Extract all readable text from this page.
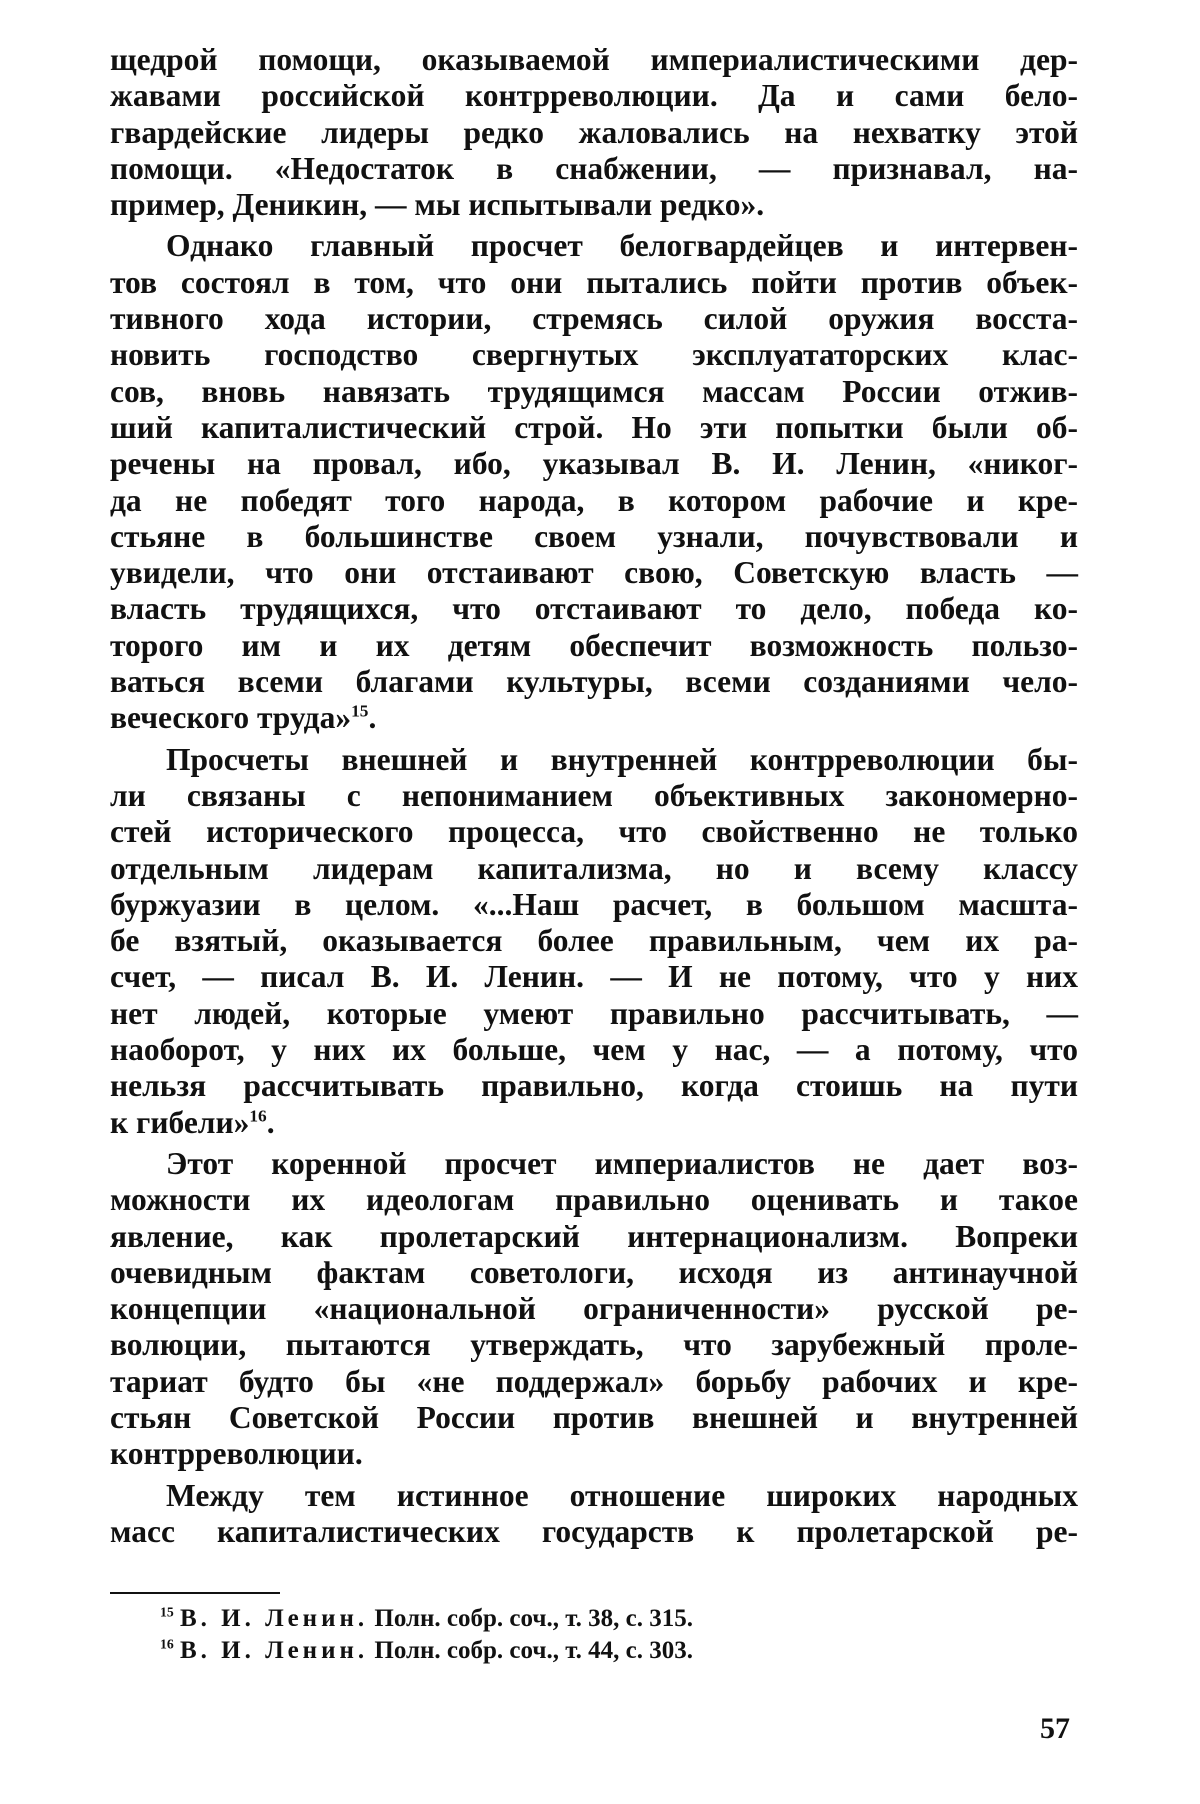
щедрой помощи, оказываемой империалистическими дер-
жавами российской контрреволюции. Да и сами бело-
гвардейские лидеры редко жаловались на нехватку этой
помощи. «Недостаток в снабжении, — признавал, на-
пример, Деникин, — мы испытывали редко».

Однако главный просчет белогвардейцев и интервен-
тов состоял в том, что они пытались пойти против объек-
тивного хода истории, стремясь силой оружия восста-
новить господство свергнутых эксплуататорских клас-
сов, вновь навязать трудящимся массам России отжив-
ший капиталистический строй. Но эти попытки были об-
речены на провал, ибо, указывал В. И. Ленин, «никог-
да не победят того народа, в котором рабочие и кре-
стьяне в большинстве своем узнали, почувствовали и
увидели, что они отстаивают свою, Советскую власть —
власть трудящихся, что отстаивают то дело, победа ко-
торого им и их детям обеспечит возможность пользо-
ваться всеми благами культуры, всеми созданиями чело-
веческого труда»$^{15}$.

Просчеты внешней и внутренней контрреволюции бы-
ли связаны с непониманием объективных закономерно-
стей исторического процесса, что свойственно не только
отдельным лидерам капитализма, но и всему классу
буржуазии в целом. «...Наш расчет, в большом масшта-
бе взятый, оказывается более правильным, чем их ра-
счет, — писал В. И. Ленин. — И не потому, что у них
нет людей, которые умеют правильно рассчитывать, —
наоборот, у них их больше, чем у нас, — а потому, что
нельзя рассчитывать правильно, когда стоишь на пути
к гибели»$^{16}$.

Этот коренной просчет империалистов не дает воз-
можности их идеологам правильно оценивать и такое
явление, как пролетарский интернационализм. Вопреки
очевидным фактам советологи, исходя из антинаучной
концепции «национальной ограниченности» русской ре-
волюции, пытаются утверждать, что зарубежный проле-
тариат будто бы «не поддержал» борьбу рабочих и кре-
стьян Советской России против внешней и внутренней
контрреволюции.

Между тем истинное отношение широких народных
масс капиталистических государств к пролетарской ре-

$^{15}$ В. И. Ленин. Полн. собр. соч., т. 38, с. 315.
$^{16}$ В. И. Ленин. Полн. собр. соч., т. 44, с. 303.
57
